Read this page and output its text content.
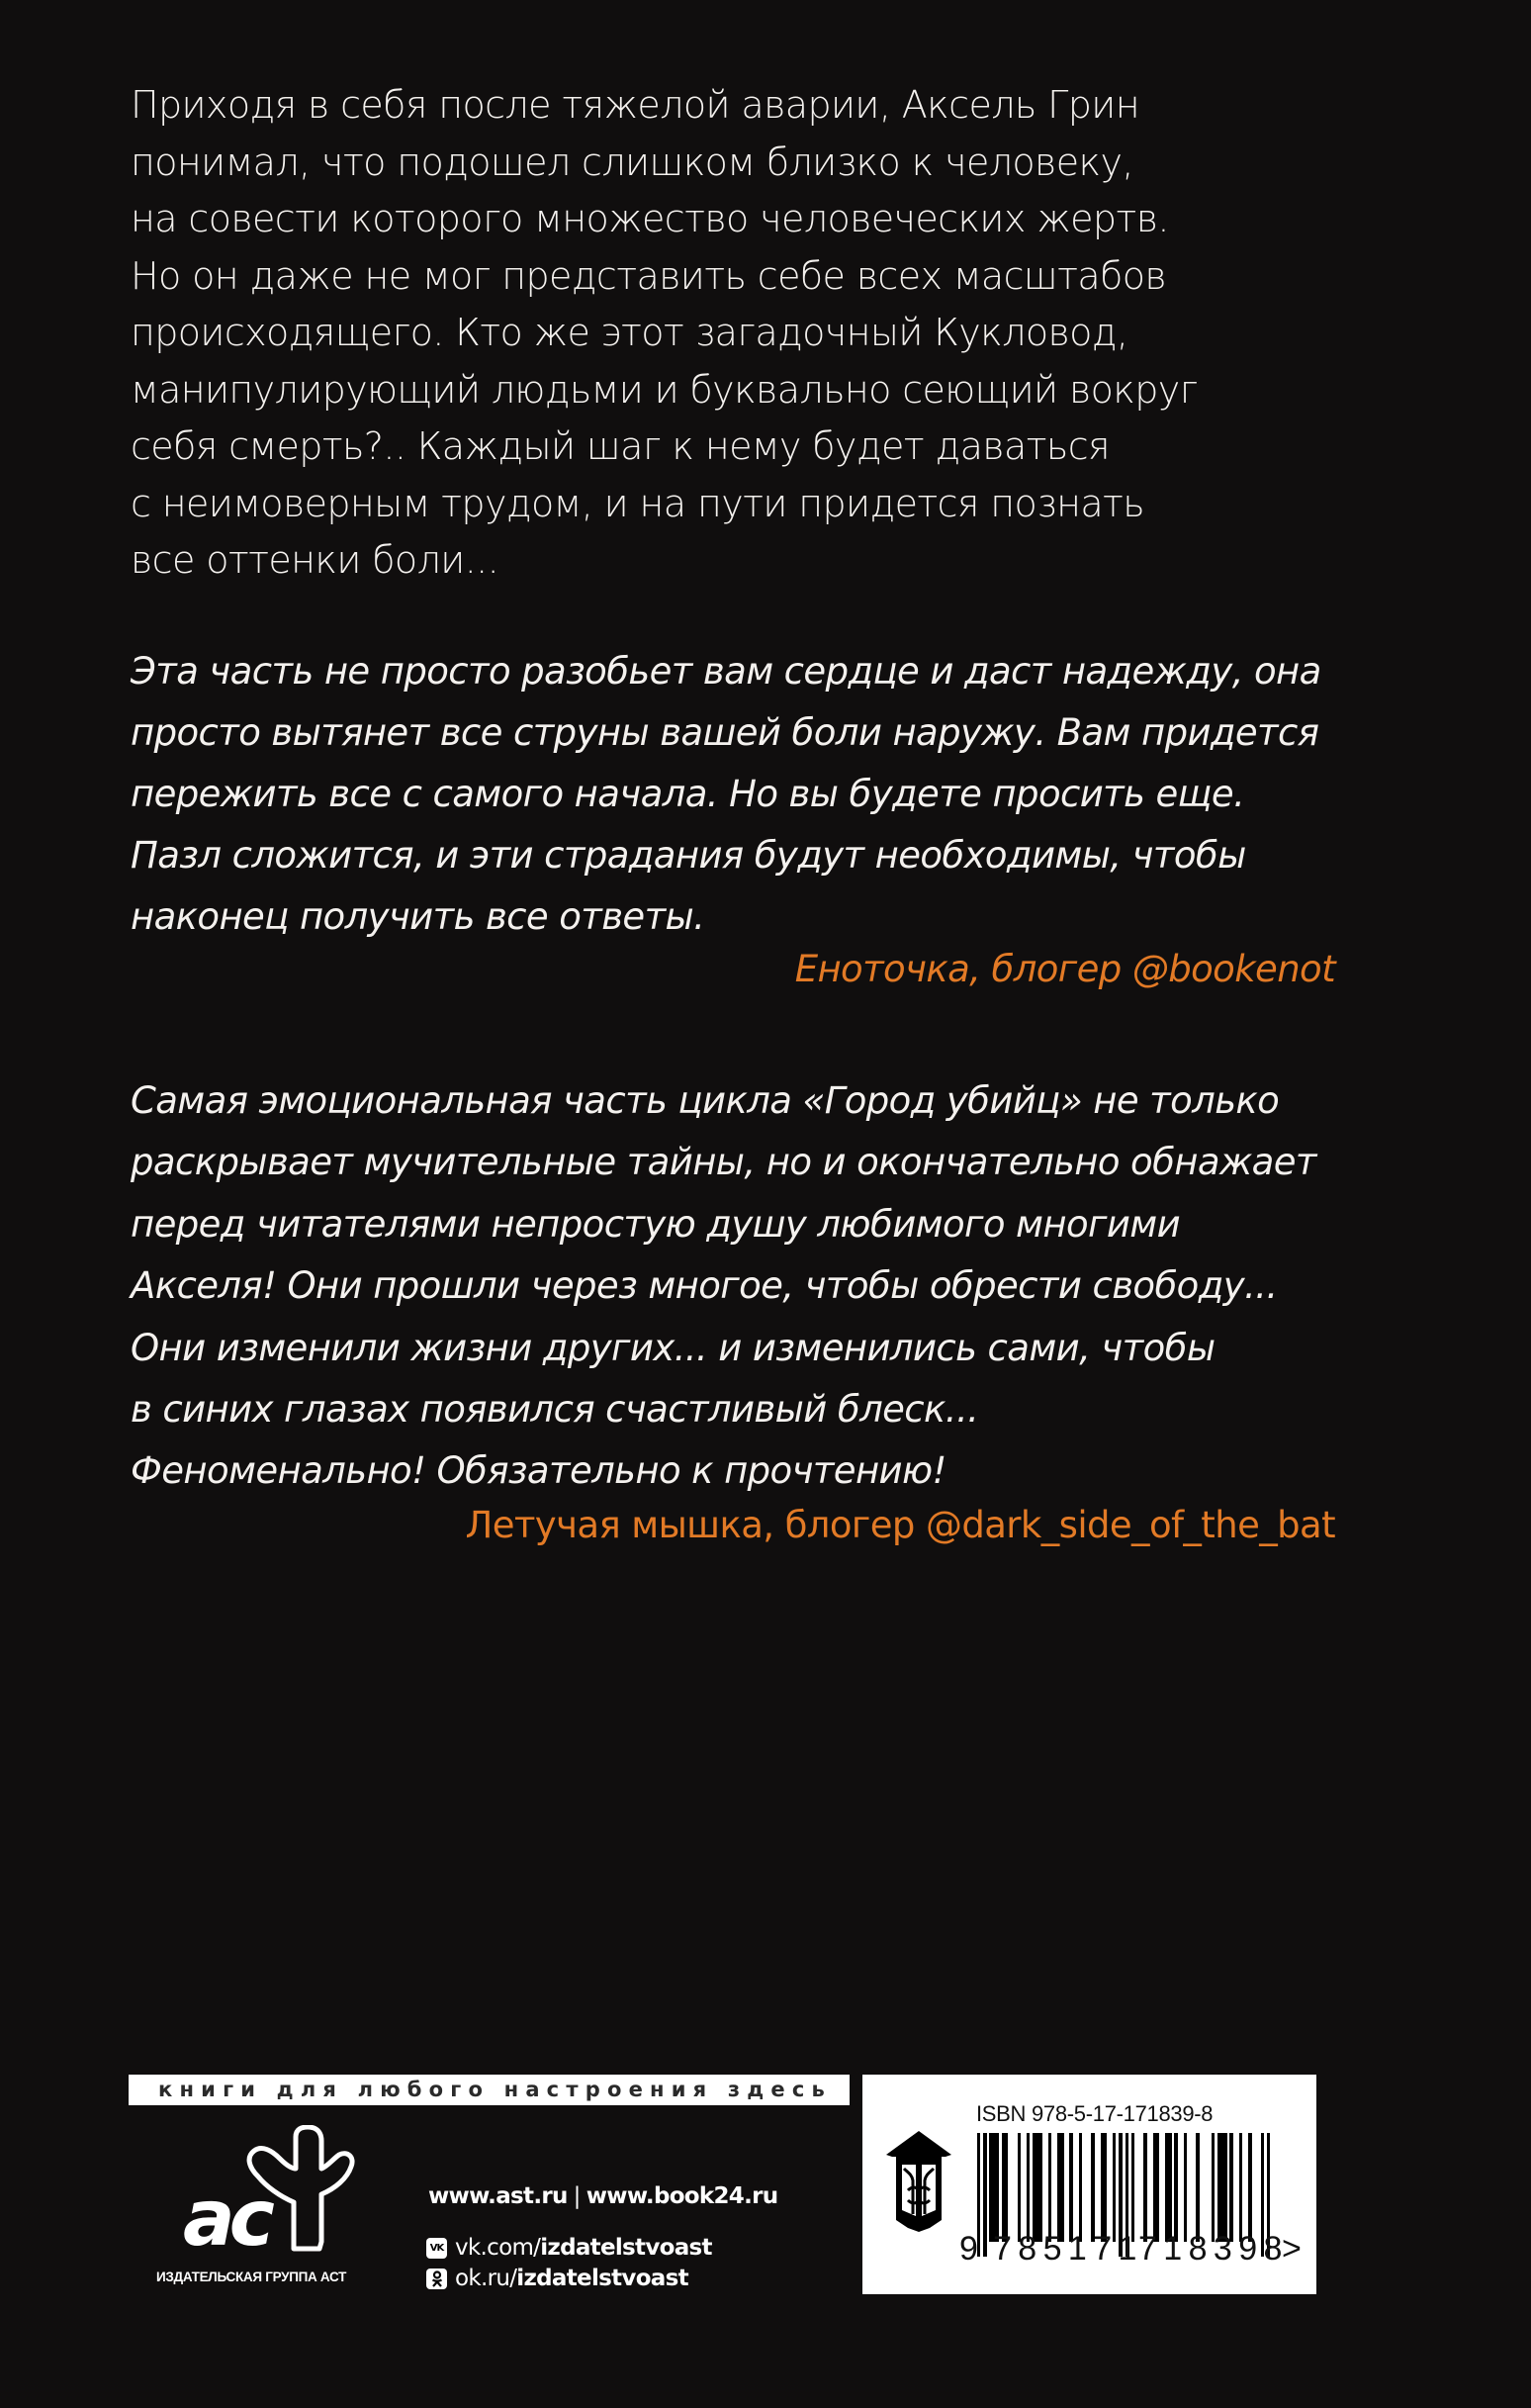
Приходя в себя после тяжелой аварии, Аксель Грин
понимал, что подошел слишком близко к человеку,
на совести которого множество человеческих жертв.
Но он даже не мог представить себе всех масштабов
происходящего. Кто же этот загадочный Кукловод,
манипулирующий людьми и буквально сеющий вокруг
себя смерть?.. Каждый шаг к нему будет даваться
с неимоверным трудом, и на пути придется познать
все оттенки боли...

Эта часть не просто разобьет вам сердце и даст надежду, она
просто вытянет все струны вашей боли наружу. Вам придется
пережить все с самого начала. Но вы будете просить еще.
Пазл сложится, и эти страдания будут необходимы, чтобы
наконец получить все ответы.

Еноточка, блогер @bookenot

Самая эмоциональная часть цикла «Город убийц» не только
раскрывает мучительные тайны, но и окончательно обнажает
перед читателями непростую душу любимого многими
Акселя! Они прошли через многое, чтобы обрести свободу...
Они изменили жизни других... и изменились сами, чтобы
в синих глазах появился счастливый блеск...
Феноменально! Обязательно к прочтению!

Летучая мышка, блогер @dark_side_of_the_bat
книги для любого настроения здесь
ac
ИЗДАТЕЛЬСКАЯ ГРУППА АСТ
www.ast.ru | www.book24.ru
VK vk.com/ izdatelstvoast
ok.ru/ izdatelstvoast
ISBN 978-5-17-171839-8
9 785171
718398
>
